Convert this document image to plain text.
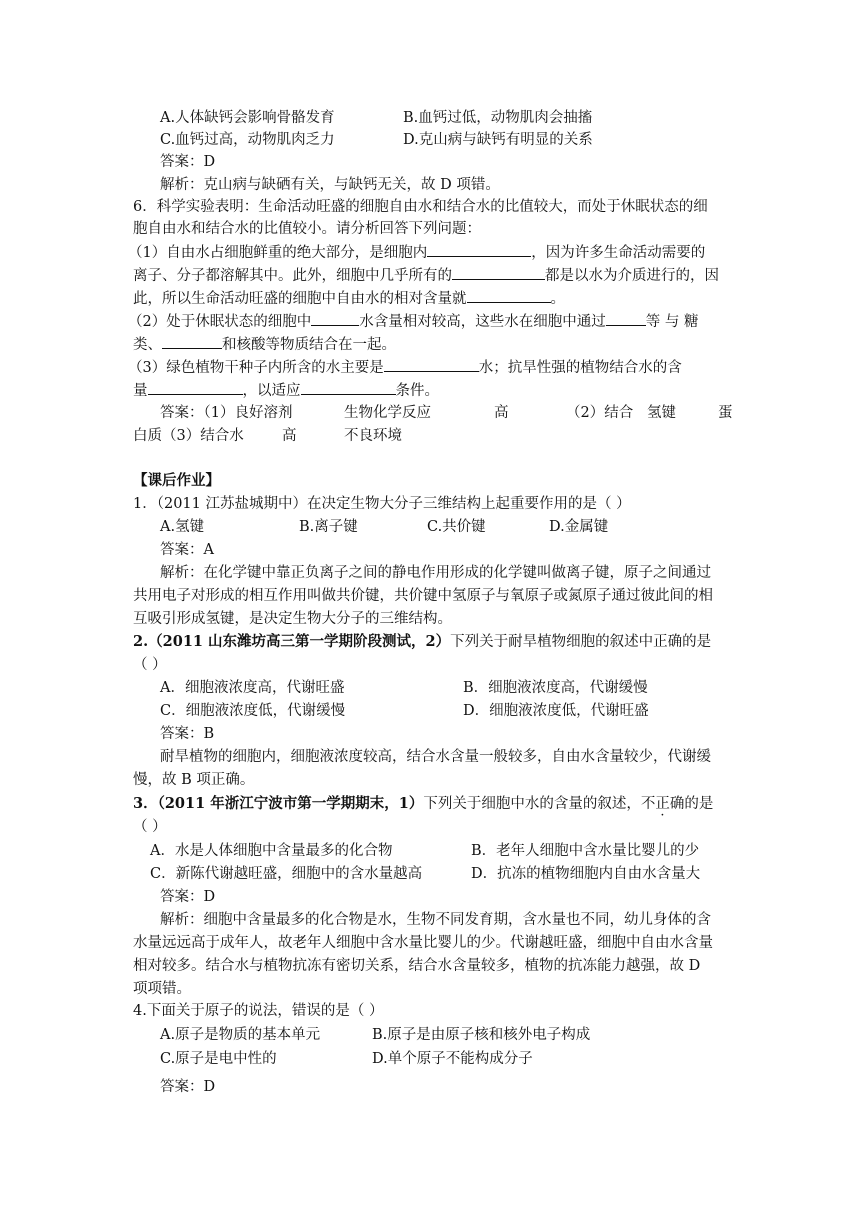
A.人体缺钙会影响骨骼发育	B.血钙过低，动物肌肉会抽搐
C.血钙过高，动物肌肉乏力	D.克山病与缺钙有明显的关系
答案：D
解析：克山病与缺硒有关，与缺钙无关，故 D 项错。
6．科学实验表明：生命活动旺盛的细胞自由水和结合水的比值较大，而处于休眠状态的细
胞自由水和结合水的比值较小。请分析回答下列问题：
（1）自由水占细胞鲜重的绝大部分，是细胞内	，因为许多生命活动需要的
离子、分子都溶解其中。此外，细胞中几乎所有的	都是以水为介质进行的，因
此，所以生命活动旺盛的细胞中自由水的相对含量就	。
（2）处于休眠状态的细胞中	水含量相对较高，这些水在细胞中通过	等 与 糖
类、	和核酸等物质结合在一起。
（3）绿色植物干种子内所含的水主要是	水；抗旱性强的植物结合水的含
量	，以适应	条件。
答案：（1）良好溶剂	生物化学反应	高	（2）结合 氢键	蛋
白质（3）结合水	高	不良环境
【课后作业】
1．（2011 江苏盐城期中）在决定生物大分子三维结构上起重要作用的是（ ）
A.氢键	B.离子键	C.共价键	D.金属键
答案：A
解析：在化学键中靠正负离子之间的静电作用形成的化学键叫做离子键，原子之间通过
共用电子对形成的相互作用叫做共价键，共价键中氢原子与氧原子或氮原子通过彼此间的相
互吸引形成氢键，是决定生物大分子的三维结构。
2.（2011 山东潍坊高三第一学期阶段测试，2）下列关于耐旱植物细胞的叙述中正确的是
（ ）
A．细胞液浓度高，代谢旺盛	B．细胞液浓度高，代谢缓慢
C．细胞液浓度低，代谢缓慢	D．细胞液浓度低，代谢旺盛
答案：B
耐旱植物的细胞内，细胞液浓度较高，结合水含量一般较多，自由水含量较少，代谢缓
慢，故 B 项正确。
3．（2011 年浙江宁波市第一学期期末，1）下列关于细胞中水的含量的叙述，不正确的是
（ ）
A．水是人体细胞中含量最多的化合物	B．老年人细胞中含水量比婴儿的少
C．新陈代谢越旺盛，细胞中的含水量越高	D．抗冻的植物细胞内自由水含量大
答案：D
解析：细胞中含量最多的化合物是水，生物不同发育期，含水量也不同，幼儿身体的含
水量远远高于成年人，故老年人细胞中含水量比婴儿的少。代谢越旺盛，细胞中自由水含量
相对较多。结合水与植物抗冻有密切关系，结合水含量较多，植物的抗冻能力越强，故 D
项项错。
4.下面关于原子的说法，错误的是（ ）
A.原子是物质的基本单元	B.原子是由原子核和核外电子构成
C.原子是电中性的	D.单个原子不能构成分子
答案：D
